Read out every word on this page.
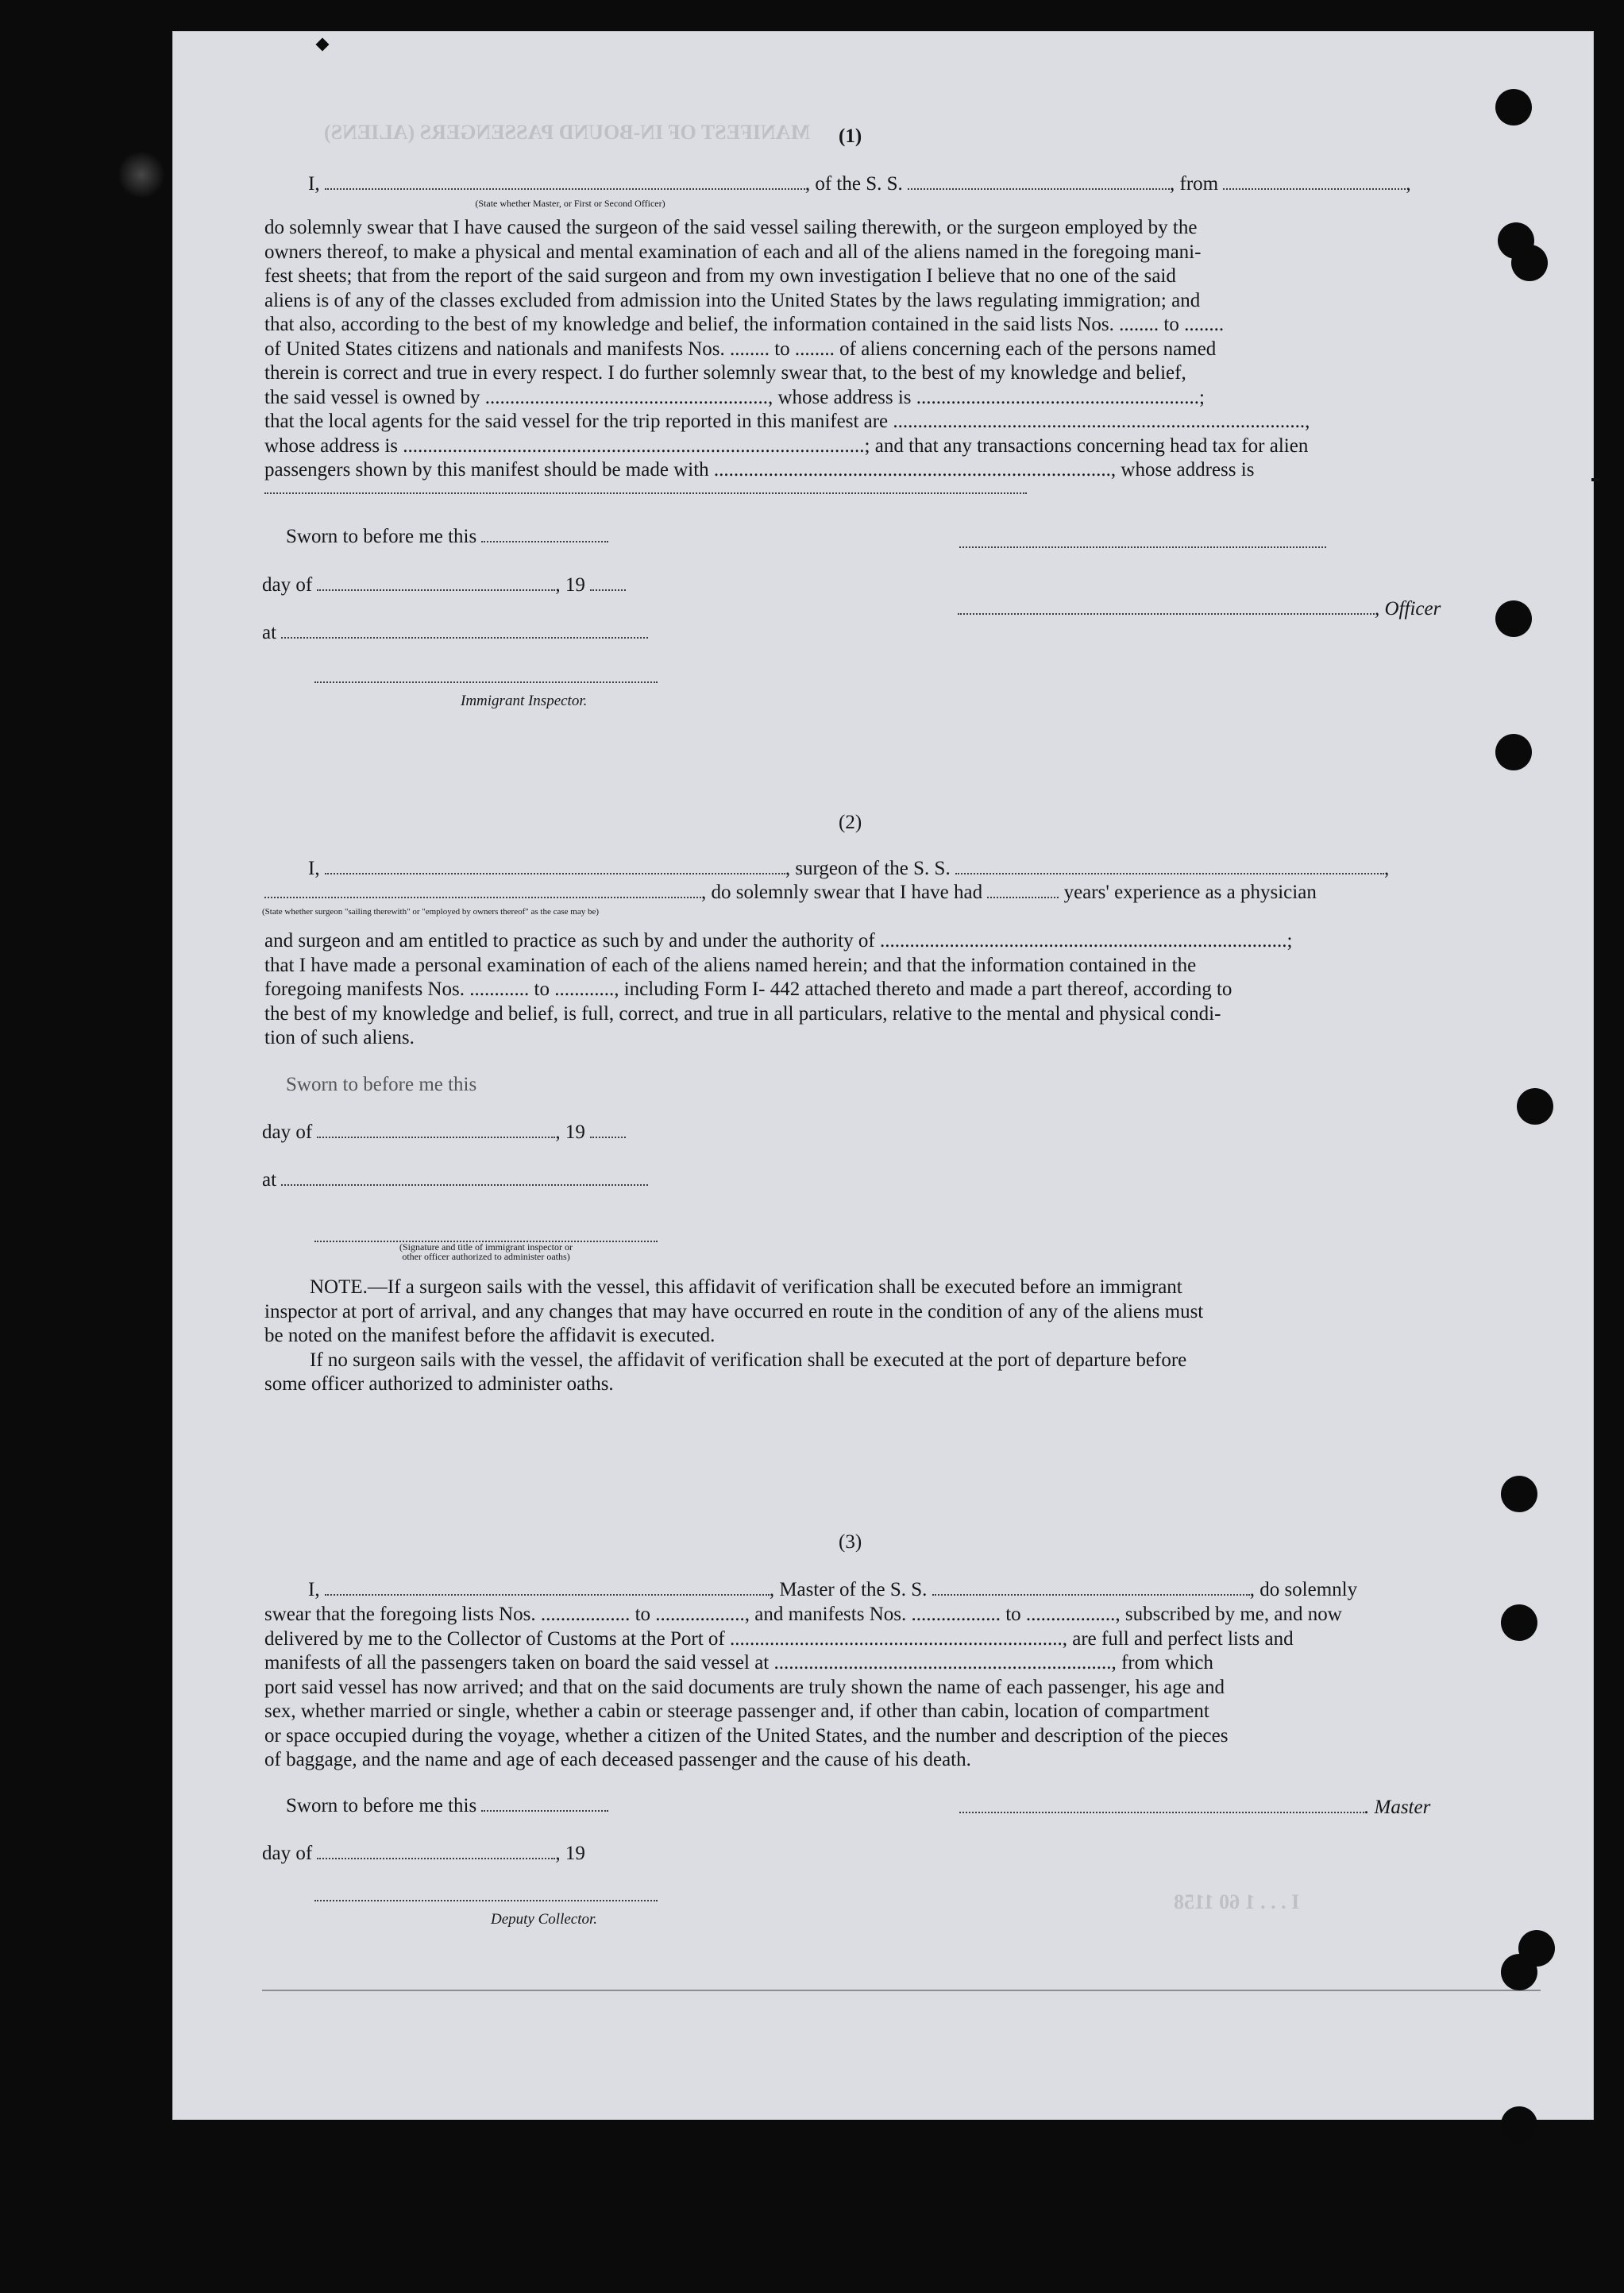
MANIFEST OF IN-BOUND PASSENGERS (ALIENS)
I . . . 1 60 1158
(1)
I,	, of the S. S.	, from	,
(State whether Master, or First or Second Officer)
do solemnly swear that I have caused the surgeon of the said vessel sailing therewith, or the surgeon employed by the
owners thereof, to make a physical and mental examination of each and all of the aliens named in the foregoing mani-
fest sheets; that from the report of the said surgeon and from my own investigation I believe that no one of the said
aliens is of any of the classes excluded from admission into the United States by the laws regulating immigration; and
that also, according to the best of my knowledge and belief, the information contained in the said lists Nos. ........ to ........
of United States citizens and nationals and manifests Nos. ........ to ........ of aliens concerning each of the persons named
therein is correct and true in every respect. I do further solemnly swear that, to the best of my knowledge and belief,
the said vessel is owned by ........................................................., whose address is .........................................................;
that the local agents for the said vessel for the trip reported in this manifest are ...................................................................................,
whose address is .............................................................................................; and that any transactions concerning head tax for alien
passengers shown by this manifest should be made with ................................................................................, whose address is
Sworn to before me this
day of	, 19
, Officer
at
Immigrant Inspector.
(2)
I,	, surgeon of the S. S.	,
, do solemnly swear that I have had	years' experience as a physician
(State whether surgeon "sailing therewith" or "employed by owners thereof" as the case may be)
and surgeon and am entitled to practice as such by and under the authority of ..................................................................................;
that I have made a personal examination of each of the aliens named herein; and that the information contained in the
foregoing manifests Nos. ............ to ............, including Form I- 442 attached thereto and made a part thereof, according to
the best of my knowledge and belief, is full, correct, and true in all particulars, relative to the mental and physical condi-
tion of such aliens.
Sworn to before me this
day of	, 19
at
(Signature and title of immigrant inspector or
other officer authorized to administer oaths)
NOTE.—If a surgeon sails with the vessel, this affidavit of verification shall be executed before an immigrant
inspector at port of arrival, and any changes that may have occurred en route in the condition of any of the aliens must
be noted on the manifest before the affidavit is executed.
If no surgeon sails with the vessel, the affidavit of verification shall be executed at the port of departure before
some officer authorized to administer oaths.
(3)
I,	, Master of the S. S.	, do solemnly
swear that the foregoing lists Nos. .................. to .................., and manifests Nos. .................. to .................., subscribed by me, and now
delivered by me to the Collector of Customs at the Port of ..................................................................., are full and perfect lists and
manifests of all the passengers taken on board the said vessel at ...................................................................., from which
port said vessel has now arrived; and that on the said documents are truly shown the name of each passenger, his age and
sex, whether married or single, whether a cabin or steerage passenger and, if other than cabin, location of compartment
or space occupied during the voyage, whether a citizen of the United States, and the number and description of the pieces
of baggage, and the name and age of each deceased passenger and the cause of his death.
Sworn to before me this	. Master
day of	, 19
Deputy Collector.
